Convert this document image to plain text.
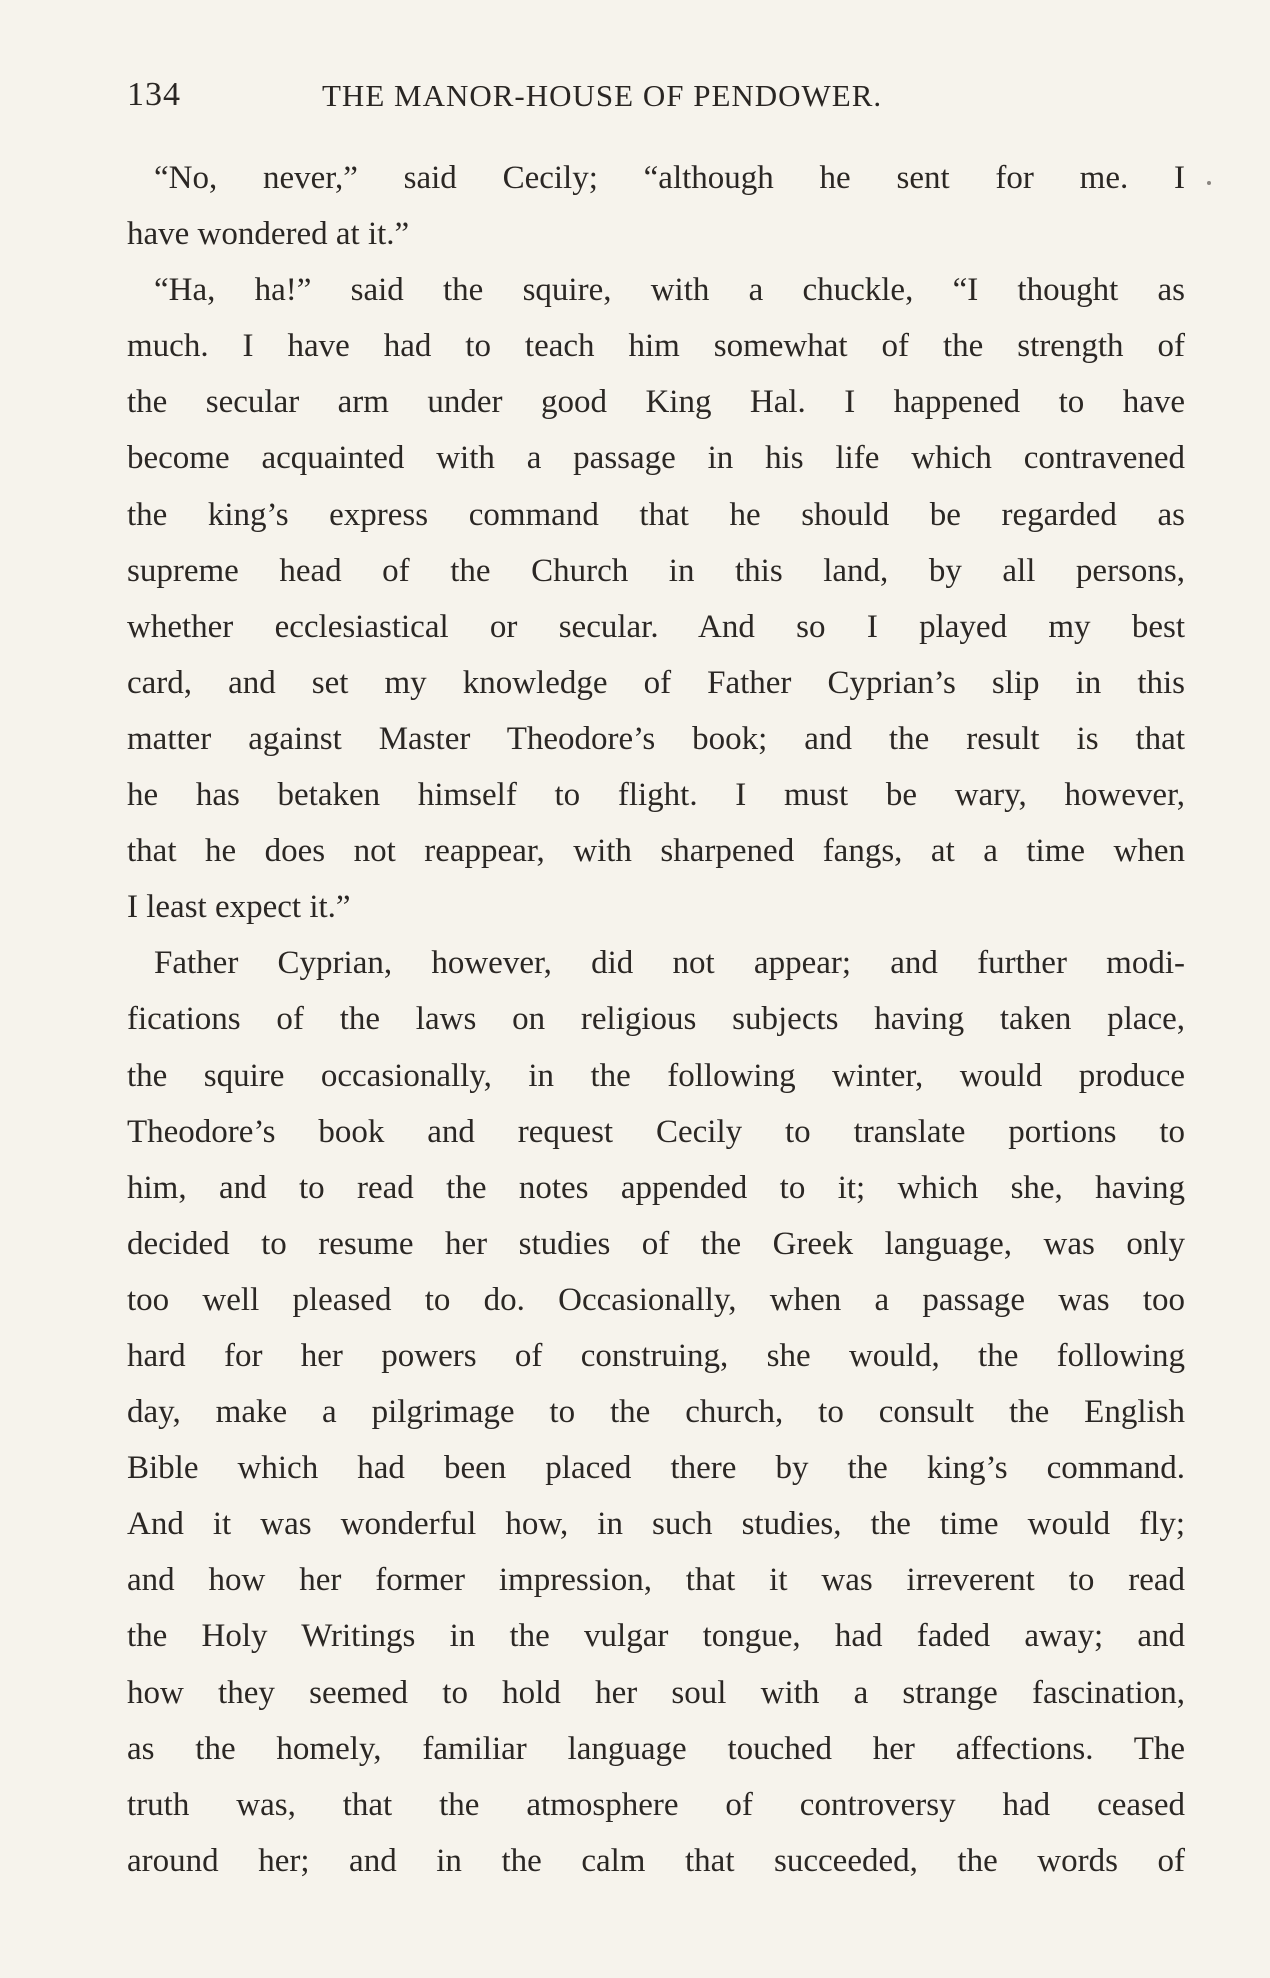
134	THE MANOR-HOUSE OF PENDOWER.
“No, never,” said Cecily; “although he sent for me. I
have wondered at it.”
“Ha, ha!” said the squire, with a chuckle, “I thought as
much. I have had to teach him somewhat of the strength of
the secular arm under good King Hal. I happened to have
become acquainted with a passage in his life which contravened
the king’s express command that he should be regarded as
supreme head of the Church in this land, by all persons,
whether ecclesiastical or secular. And so I played my best
card, and set my knowledge of Father Cyprian’s slip in this
matter against Master Theodore’s book; and the result is that
he has betaken himself to flight. I must be wary, however,
that he does not reappear, with sharpened fangs, at a time when
I least expect it.”
Father Cyprian, however, did not appear; and further modi-
fications of the laws on religious subjects having taken place,
the squire occasionally, in the following winter, would produce
Theodore’s book and request Cecily to translate portions to
him, and to read the notes appended to it; which she, having
decided to resume her studies of the Greek language, was only
too well pleased to do. Occasionally, when a passage was too
hard for her powers of construing, she would, the following
day, make a pilgrimage to the church, to consult the English
Bible which had been placed there by the king’s command.
And it was wonderful how, in such studies, the time would fly;
and how her former impression, that it was irreverent to read
the Holy Writings in the vulgar tongue, had faded away; and
how they seemed to hold her soul with a strange fascination,
as the homely, familiar language touched her affections. The
truth was, that the atmosphere of controversy had ceased
around her; and in the calm that succeeded, the words of
